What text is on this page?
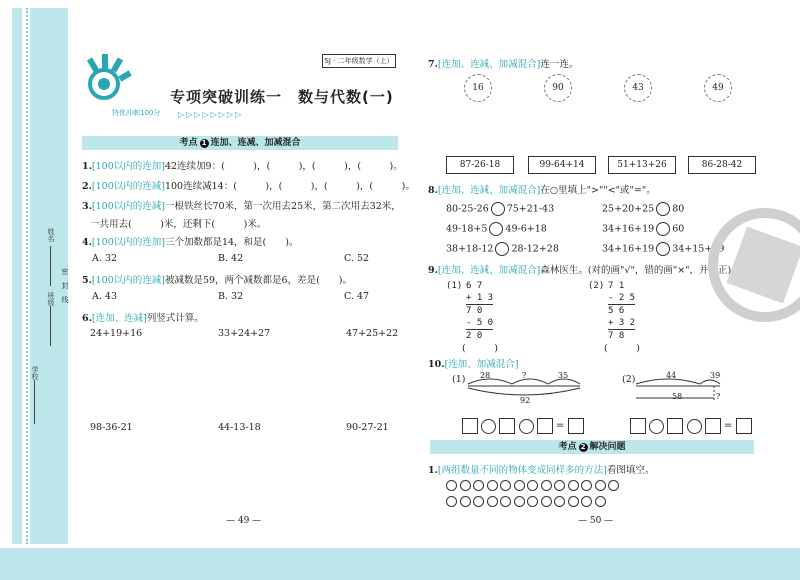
姓名
班级
学校
密　封　线
SJ · 二年级数学（上）
专项突破训练一　数与代数(一)
特优冲刺100分 ▷▷▷▷▷▷▷▷
考点 1 连加、连减、加减混合
1.[100以内的连加]42连续加9：(　　　)，(　　　)，(　　　)，(　　　)。
2.[100以内的连减]100连续减14：(　　　)，(　　　)，(　　　)，(　　　)。
3.[100以内的连减]一根铁丝长70米，第一次用去25米，第二次用去32米，
一共用去(　　　)米，还剩下(　　　)米。
4.[100以内的连加]三个加数都是14，和是(　　)。
A. 32	B. 42	C. 52
5.[100以内的连减]被减数是59，两个减数都是6，差是(　　)。
A. 43	B. 32	C. 47
6.[连加、连减]列竖式计算。
24+19+16	33+24+27	47+25+22
98-36-21	44-13-18	90-27-21
— 49 —
7.[连加、连减、加减混合]连一连。
16	90	43	49
87-26-18	99-64+14	51+13+26	86-28-42
8.[连加、连减、加减混合]在○里填上">""<"或"="。
80-25-26 75+21-43	25+20+25 80
49-18+5 49-6+18	34+16+19 60
38+18-12 28-12+28	34+16+19 34+15+19
9.[连加、连减、加减混合]森林医生。(对的画"√"，错的画"×"，并改正)
(1) 6 7
+ 1 3
7 0
- 5 0
2 0
(　　　)
(2) 7 1
- 2 5
5 6
+ 3 2
7 8
(　　　)
10.[连加、加减混合]
(1) 28	?	35
92
(2)	44	39
58	?
=	=
考点 2 解决问题
1.[两组数量不同的物体变成同样多的方法]看图填空。
— 50 —
